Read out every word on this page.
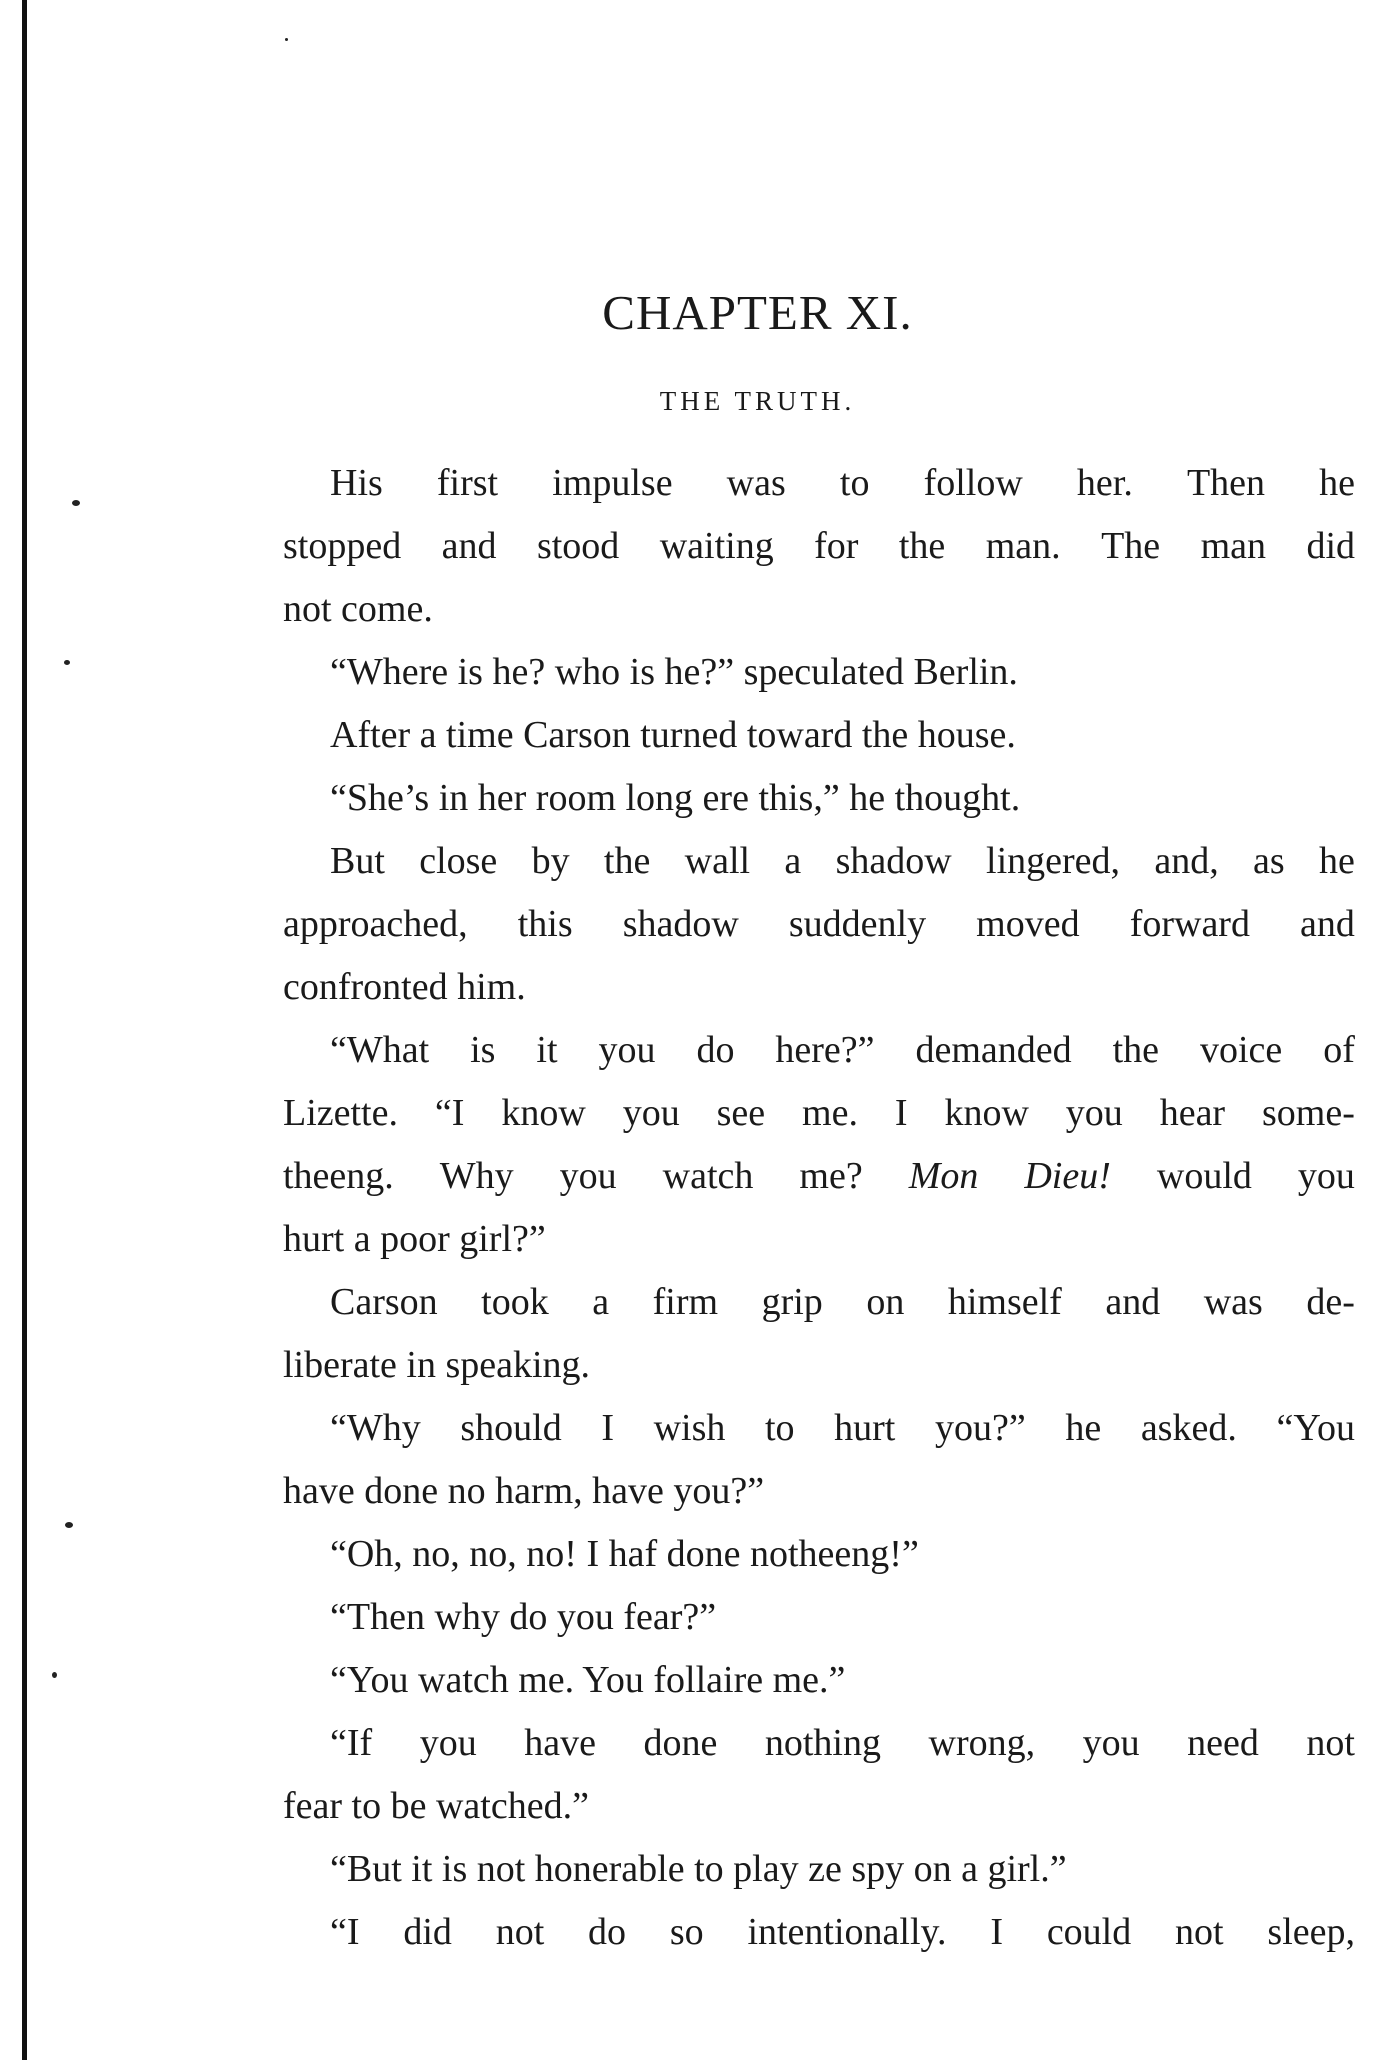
CHAPTER XI.
THE TRUTH.
His first impulse was to follow her. Then he
stopped and stood waiting for the man. The man did
not come.
“Where is he? who is he?” speculated Berlin.
After a time Carson turned toward the house.
“She’s in her room long ere this,” he thought.
But close by the wall a shadow lingered, and, as he
approached, this shadow suddenly moved forward and
confronted him.
“What is it you do here?” demanded the voice of
Lizette. “I know you see me. I know you hear some-
theeng. Why you watch me? Mon Dieu! would you
hurt a poor girl?”
Carson took a firm grip on himself and was de-
liberate in speaking.
“Why should I wish to hurt you?” he asked. “You
have done no harm, have you?”
“Oh, no, no, no! I haf done notheeng!”
“Then why do you fear?”
“You watch me. You follaire me.”
“If you have done nothing wrong, you need not
fear to be watched.”
“But it is not honerable to play ze spy on a girl.”
“I did not do so intentionally. I could not sleep,
